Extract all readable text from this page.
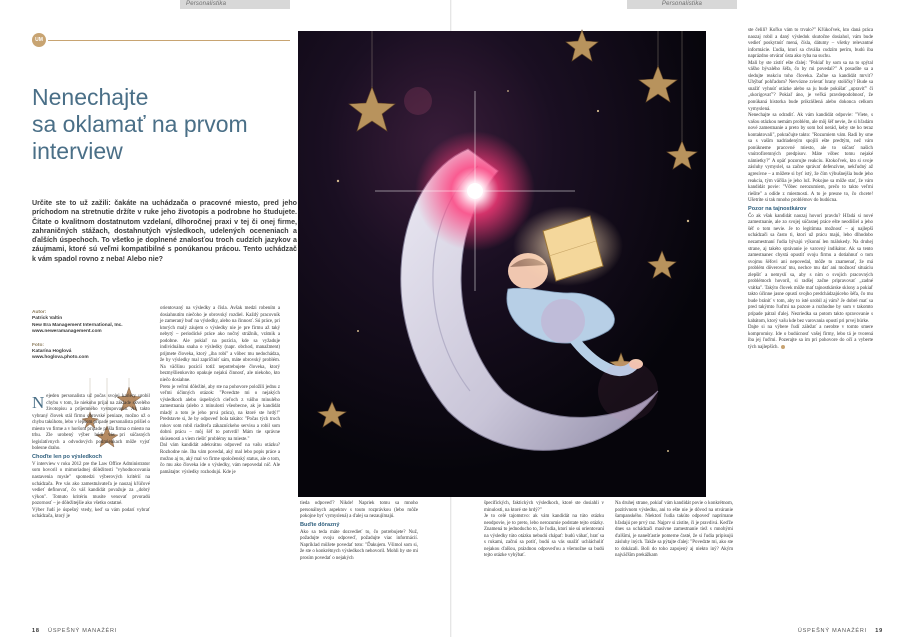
Personalistika
UM
Nenechajte
sa oklamať na prvom
interview

Určite ste to už zažili: čakáte na uchádzača o pracovné miesto, pred jeho príchodom na stretnutie držíte v ruke jeho životopis a podrobne ho študujete. Čítate o kvalitnom dostatnutom vzdelaní, dlhoročnej praxi v tej či onej firme, zahraničných stážach, dostahnutých výsledkoch, udelených oceneniach a ďalších úspechoch. To všetko je doplnené znalosťou troch cudzích jazykov a záujmami, ktoré sú veľmi kompatibilné s ponúkanou prácou. Tento uchádzač k vám spadol rovno z neba! Alebo nie?

Autor:
Patrick Valtin
New Era Management International, Inc.
www.neweramanagement.com
Foto:
Katarína Hoglová
www.hoglova.photo.com

Nejeden personalista už počas svojej kariéry urobil chybu v tom, že niekoho prijal na základe skvelého životopisu a príjemného vystupovania. Ak takto vybraný človek stál firmu obrovské peniaze, možno už o chybu takúhoto, lebo v lepšom prípade personalista prišiel o miesto vo firme a v horšom prípade prišla firma o miesto na trhu. Zle urobený výber búdi vás pri súčasných legislatívnych a odvodových podmienkach môže vyjsť bolesne draho.

Choďte len po výsledkoch

V interview v roku 2012 pre the Law Office Administrator som hovoril o mimoriadnej dôležitosti "vyhodnocovania nastavenia mysle" spomedzi výberových kritérií na uchádzača. Pre vás ako zamestnávateľa je naozaj kľúčové vedieť definovať, čo váš kandidát považuje za „dobrý výkon". Tomuto kritériu musíte venovať prvoradú pozornosť – je dôležitejšie ako všetko ostatné.

Výber ľudí je úspešný vtedy, keď sa vám podarí vybrať uchádzača, ktorý je

orientovaný na výsledky a čísla. Avšak medzi robením a dosiahnutím niečoho je obrovský rozdiel. Každý pracovník je zameraný buď na výsledky, alebo na činnosť. Sú práce, pri ktorých malý záujem o výsledky nie je pre firmu až taký nebytý – periodické práce ako nočný strážnik, vrátnik a podobne. Ale pokiaľ na pozícia, kde sa vyžaduje individuálna snaha o výsledky (napr. obchod, manažment) prijmete človeka, ktorý „iba robí" a vôbec mu nedochádza, že by výsledky mal zapríčiniť sám, máte obrovský problém. Na väčšinu pozícií totiž nepotrebujete človeka, ktorý bezmyšlienkovito opakuje nejakú činnosť, ale niekoho, kto niečo dosiahne.

Preto je veľmi dôležité, aby ste na pohovore položili jednu z veľmi účinných otázok: "Povedzte mi o nejakých výsledkoch alebo úspešných cieľoch z vášho minulého zamestnania (alebo z minulosti všeobecne, ak je kandidát mladý a toto je jeho prvá práca), na ktoré ste hrdý!" Predstavte si, že by odpoveď bola takáto: "Počas tých troch rokov som robil riaditeľa zákazníckeho servisu a robil som dobrú prácu – môj šéf to potvrdí! Mám tie správne skúsenosti a viem riešiť problémy na mieste."

Dal vám kandidát adekvátnu odpoveď na vašu otázku? Rozhodne nie. Iba vám povedal, aký mal lebo popis práce a možno aj to, aký mal vo firme spoločenský status, ale o tom, čo mu ako človeka ide o výsledky, vám nepovedal nič. Ale pamätajte: výsledky rozhodujú. Kde je

18 ÚSPEŠNÝ MANAŽÉRI
Personalistika

tieda odpoveď? Nikde! Napriek tomu sa mnoho personálnych aspektov s touto rozprávkou (lebo môže pokojne byť vymyslená) a ďalej sa nezaujímajú.

Buďte dôrazný

Ako sa teda máte dozvedieť to, čo potrebujete? Nuž, požadujte svoju odpoveď, požadujte viac informácií. Napríklad môžete povedať toto: "Ďakujem. Všimol som si, že ste o konkrétnych výsledkoch nehovoril. Mohli by ste mi prosím povedať o nejakých

špecifických, faktických výsledkoch, ktoré ste dosiahli v minulosti, na ktoré ste hrdý?"

Je to celé tajomstvo: ak vám kandidát na túto otázku neodpovie, je to preto, lebo nerozumie podstate tejto otázky. Znamená to jednoducho to, že ľudia, ktorí nie sú orientovaní na výsledky túto otázku nebudú chápať: budú váhať, hrať sa s rukami, začnú sa potiť, budú sa vás snažiť uchlácholiť nejakou ďalšou, prázdnou odpoveďou a všemožne sa budú tejto otázke vyhýbať.

Na druhej strane, pokiaľ vám kandidát povie o konkrétnom, pozitívnom výsledku, ani to ešte nie je dôvod na otváranie šampanského. Niektorí ľudia takúto odpoveď naprímane hľadajú pre prvý raz. Najprv si zistite, či je pravdivá. Keďže dnes sa uchádzači masívne zamestnanie tiež s mnohými ďalšími, je nanešťastie pomerne časté, že si ľudia pripisujú zásluhy iných. Takže sa pýtajte ďalej: "Povedzte mi, ako ste to dokázali. Boli do toho zapojený aj niekto iný? Akým najväčším prekážkam

ste čelili? Koľko vám to trvalo?" Kľúkoľvek, kto daná práca naozaj robil a daný výsledok skutočne dosiahol, vám bude vedieť poskytnúť mená, čísla, dátumy – všetky relevantné informácie. Ľudia, ktorí sa chvália cudzím perím, budú iba naprázdno otvárať ústa ako ryba na suchu.

Mali by ste zistiť ešte ďalej: "Pokiaľ by som sa na to spýtal vášho bývalého šéfa, čo by mi povedal?" A posadíte sa a sledujte reakciu toho človeka. Začne sa kandidát mrviť? Uhýbať pohľadom? Nervózne zvierať hrany stoličky? Bude sa snažiť vyhnúť otázke alebo sa ju bude pokúšať „upraviť" či „skorigovať"? Pokiaľ áno, je veľká pravdepodobnosť, že ponúkaná historka bude prikrášlená alebo dokonca celkom vymyslená.

Nenechajte sa odradiť. Ak vám kandidát odpovie: "Viete, s vašou otázkou nemám problém, ale môj šéf nevie, že si hľadám nové zamestnanie a preto by som bol nerád, keby ste ho teraz kontaktovali", pokračujte takto: "Rozumiem vám. Radi by sme sa s vaším nadriadeným spojili ešte predtým, než vám ponúkneme pracovné miesto, ale to súčasť našich vnútrofiremných predpisov. Máte vôbec tomu nejaké námietky?" A opäť pozorujte reakciu. Ktokoľvek, kto si svoje zásluhy vymyslel, sa začne správať defenzívne, nekľudný až agresívne – a môžete si byť istý, že čím výbušnejšia bude jeho reakcia, tým väčšia je jeho lož. Pokojne sa môže stať, že vám kandidát povie: "Vôbec nerozumiem, prečo to takto veľmi riešite" a odíde z miestnosti. A to je presne to, čo chcete! Ušetrite si tak mnoho problémov do budúcna.

Pozor na tajnostkárov

Čo ak však kandidát naozaj hovorí pravdu? Hľadá si nové zamestnanie, ale zo svojej súčasnej práce ešte neodišiel a jeho šéf o tom nevie. Je to legitímna možnosť – aj najlepší uchádzači sa často ti, ktorí už prácu majú, lebo dlhodobo nezamestnaní ľudia bývajú výkonní len málokedy. Na druhej strane, aj takéto správanie je varovný indikátor. Ak sa tento zamestnanec chystá opustiť svoju firmu a dotiahnuť o tom svojmu šéfovi ani nepovedal, môže to znamenať, že má problém dôverovať mu, nechce mu dať ani možnosť situáciu zlepšiť a nemyslí sa, aby s ním o svojich pracovných problémoch hovoril, si radšej začne pripravovať „zadné vrátka". Takýto človek môže mať tajnostkárske sklony a pokiaľ takto účinne jasne opustí svojho predchádzajúceho šéfa, čo mu bude brániť v tom, aby to isté urobil aj vám? Je dobré mať sa pred takýmto ľuďmi na pozore a rozhodne by som v takomto prípade pátral ďalej. Nezriedka sa potom takto spravovanie s kabátom, ktorý vašu kde bez varovania opustí pri prvej búrke.

Dajte si na výbere ľudí záležať a nerobte v tomto smere kompromisy. Ide o budúcnosť vašej firmy, lebo tá je tvorená iba jej ľuďmi. Pozerajte sa im pri pohovore do očí a vyberte tých najlepších.

ÚSPEŠNÝ MANAŽÉRI 19
